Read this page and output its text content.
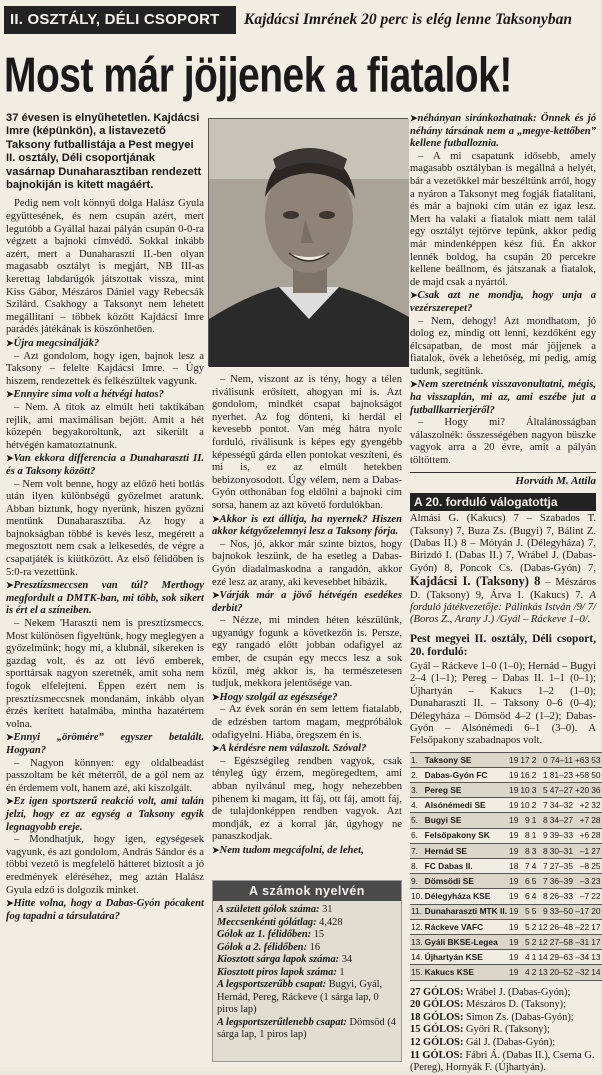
II. OSZTÁLY, DÉLI CSOPORT	Kajdácsi Imrének 20 perc is elég lenne Taksonyban
Most már jöjjenek a fiatalok!

37 évesen is elnyűhetetlen. Kajdácsi Imre (képünkön), a listavezető Taksony futballistája a Pest megyei II. osztály, Déli csoportjának vasárnap Dunaharasztiban rendezett bajnokiján is kitett magáért.

Pedig nem volt könnyű dolga Halász Gyula együttesének, és nem csupán azért, mert legutóbb a Gyállal hazai pályán csupán 0-0-ra végzett a bajnoki címvédő. Sokkal inkább azért, mert a Dunaharaszti II.-ben olyan magasabb osztályt is megjárt, NB III-as kerettag labdarúgók játszottak vissza, mint Kiss Gábor, Mészáros Dániel vagy Rebecsák Szilárd. Csakhogy a Taksonyt nem lehetett megállítani – többek között Kajdácsi Imre parádés játékának is köszönhetően.

➤ Újra megcsinálják?

– Azt gondolom, hogy igen, bajnok lesz a Taksony – felelte Kajdácsi Imre. – Úgy hiszem, rendezettek és felkészültek vagyunk.

➤ Ennyire sima volt a hétvégi hatos?

– Nem. A titok az elmúlt heti taktikában rejlik, ami maximálisan bejött. Amit a hét közepén begyakoroltunk, azt sikerült a hétvégén kamatoztatnunk.

➤ Van ekkora differencia a Dunaharaszti II. és a Taksony között?

– Nem volt benne, hogy az előző heti botlás után ilyen különbségű győzelmet aratunk. Abban biztunk, hogy nyerünk, hiszen győzni mentünk Dunaharasztiba. Az hogy a bajnokságban többé is kevés lesz, megérett a megosztott nem csak a lelkesedés, de végre a csapatjáték is kiütközött. Az első félidőben is 5:0-ra vezettünk.

➤ Presztízsmeccsen van túl? Merthogy megfordult a DMTK-ban, mi több, sok sikert is ért el a színeiben.

– Nekem 'Haraszti nem is presztízsmeccs. Most különösen figyeltünk, hogy meglegyen a győzelmünk; hogy mi, a klubnál, sikereken is gazdag volt, és az ott lévő emberek, sporttársak nagyon szeretnék, amit soha nem fogok elfelejteni. Éppen ezért nem is presztízsmeccsnek mondanám, inkább olyan érzés kerített hatalmába, mintha hazatértem volna.

➤ Ennyi „örömére” egyszer betalált. Hogyan?

– Nagyon könnyen: egy oldalbeadást passzoltam be két méterről, de a gól nem az én érdemem volt, hanem azé, aki kiszolgált.

➤ Ez igen sportszerű reakció volt, ami talán jelzi, hogy ez az egység a Taksony egyik legnagyobb ereje.

– Mondhatjuk, hogy igen, egységesek vagyunk, és azt gondolom, András Sándor és a többi vezető is megfelelő hátteret biztosít a jó eredmények eléréséhez, meg aztán Halász Gyula edző is dolgozik minket.

➤ Hitte volna, hogy a Dabas-Gyón pócakent fog tapadni a társulatára?

– Nem, viszont az is tény, hogy a télen riválisunk erősített, ahogyan mi is. Azt gondolom, mindkét csapat bajnokságot nyerhet. Az fog dönteni, ki herdál el kevesebb pontot. Van még hátra nyolc forduló, riválisunk is képes egy gyengébb képességű gárda ellen pontokat veszíteni, és mi is, ez az elmúlt hetekben bebizonyosodott. Úgy vélem, nem a Dabas-Gyón otthonában fog eldőlni a bajnoki cím sorsa, hanem az azt követő fordulókban.

➤ Akkor is ezt állítja, ha nyernek? Hiszen akkor kétgyőzelemnyi lesz a Taksony fórja.

– Nos, jó, akkor már szinte biztos, hogy bajnokok leszünk, de ha esetleg a Dabas-Gyón diadalmaskodna a rangadón, akkor ezé lesz az arany, aki kevesebbet hibázik.

➤ Várják már a jövő hétvégén esedékes derbit?

– Nézze, mi minden héten készülünk, ugyanúgy fogunk a következőn is. Persze, egy rangadó előtt jobban odafigyel az ember, de csupán egy meccs lesz a sok közül, még akkor is, ha természetesen tudjuk, mekkora jelentősége van.

➤ Hogy szolgál az egészsége?

– Az évek során én sem lettem fiatalabb, de edzésben tartom magam, megpróbálok odafigyelni. Hiába, öregszem én is.

➤ A kérdésre nem válaszolt. Szóval?

– Egészségileg rendben vagyok, csak tényleg úgy érzem, megöregedtem, ami abban nyilvánul meg, hogy nehezebben pihenem ki magam, itt fáj, ott fáj, amott fáj, de tulajdonképpen rendben vagyok. Azt mondják, ez a korral jár, úgyhogy ne panaszkodjak.

➤ Nem tudom megcáfolni, de lehet,

A számok nyelvén
A született gólok száma: 31
Meccsenkénti gólátlag: 4,428
Gólok az 1. félidőben: 15
Gólok a 2. félidőben: 16
Kiosztott sárga lapok száma: 34
Kiosztott piros lapok száma: 1
A legsportszerűbb csapat: Bugyi, Gyál, Hernád, Pereg, Ráckeve (1 sárga lap, 0 piros lap)
A legsportszerűtlenebb csapat: Dömsöd (4 sárga lap, 1 piros lap)

➤ néhányan siránkozhatnak: Önnek és jó néhány társának nem a „megye-kettőben” kellene futballoznia.

– A mi csapatunk idősebb, amely magasabb osztályban is megállná a helyét, bár a vezetőkkel már beszéltünk arról, hogy a nyáron a Taksonyt meg fogják fiatalítani, és már a bajnoki cím után ez igaz lesz. Mert ha valaki a fiatalok miatt nem talál egy osztályt tejtörve tepünk, akkor pedig már mindenképpen kész fiú. Én akkor lennék boldog, ha csupán 20 percekre kellene beállnom, és játszanak a fiatalok, de majd csak a nyártól.

➤ Csak azt ne mondja, hogy unja a vezérszerepet?

– Nem, dehogy! Azt mondhatom, jó dolog ez, mindig ott lenni, kezdőként egy élcsapatban, de most már jöjjenek a fiatalok, övék a lehetőség, mi pedig, amíg tudunk, segítünk.

➤ Nem szeretnénk visszavonultatni, mégis, ha visszaplán, mi az, ami eszébe jut a futballkarrierjéről?

– Hogy mi? Általánosságban válaszolnék: összességében nagyon büszke vagyok arra a 20 évre, amit a pályán töltöttem.

Horváth M. Attila
A 20. forduló válogatottja
Almási G. (Kakucs) 7 – Szabados T. (Taksony) 7, Buza Zs. (Bugyi) 7, Bálint Z. (Dabas II.) 8 – Mótyán J. (Délegyháza) 7, Birizdó I. (Dabas II.) 7, Wrábel J. (Dabas-Gyón) 8, Poncok Cs. (Dabas-Gyón) 7, Kajdácsi I. (Taksony) 8 – Mészáros D. (Taksony) 9, Árva I. (Kakucs) 7. A forduló játékvezetője: Pálinkás István /9/ 7/ (Boros Z., Arany J.) /Gyál – Ráckeve 1–0/.
Pest megyei II. osztály, Déli csoport, 20. forduló:
Gyál – Ráckeve 1–0 (1–0); Hernád – Bugyi 2–4 (1–1); Pereg – Dabas II. 1–1 (0–1); Újhartyán – Kakucs 1–2 (1–0); Dunaharaszti II. – Taksony 0–6 (0–4); Délegyháza – Dömsöd 4–2 (1–2); Dabas-Gyón – Alsónémedi 6–1 (3–0). A Felsőpakony szabadnapos volt.
1.	Taksony SE	19	17	2	0	74–11	+63	53
2.	Dabas-Gyón FC	19	16	2	1	81–23	+58	50
3.	Pereg SE	19	10	3	5	47–27	+20	36
4.	Alsónémedi SE	19	10	2	7	34–32	+2	32
5.	Bugyi SE	19	9	1	8	34–27	+7	28
6.	Felsőpakony SK	19	8	1	9	39–33	+6	28
7.	Hernád SE	19	8	3	8	30–31	–1	27
8.	FC Dabas II.	18	7	4	7	27–35	–8	25
9.	Dömsödi SE	19	6	5	7	36–39	–3	23
10.	Délegyháza KSE	19	6	4	8	26–33	–7	22
11.	Dunaharaszti MTK II.	19	5	5	9	33–50	–17	20
12.	Ráckeve VAFC	19	5	2	12	26–48	–22	17
13.	Gyáli BKSE-Legea	19	5	2	12	27–58	–31	17
14.	Újhartyán KSE	19	4	1	14	29–63	–34	13
15.	Kakucs KSE	19	4	2	13	20–52	–32	14
27 GÓLOS: Wrábel J. (Dabas-Gyón);
20 GÓLOS: Mészáros D. (Taksony);
18 GÓLOS: Simon Zs. (Dabas-Gyón);
15 GÓLOS: Győri R. (Taksony);
12 GÓLOS: Gál J. (Dabas-Gyón);
11 GÓLOS: Fábri Á. (Dabas II.), Cserna G. (Pereg), Hornyák F. (Újhartyán).
